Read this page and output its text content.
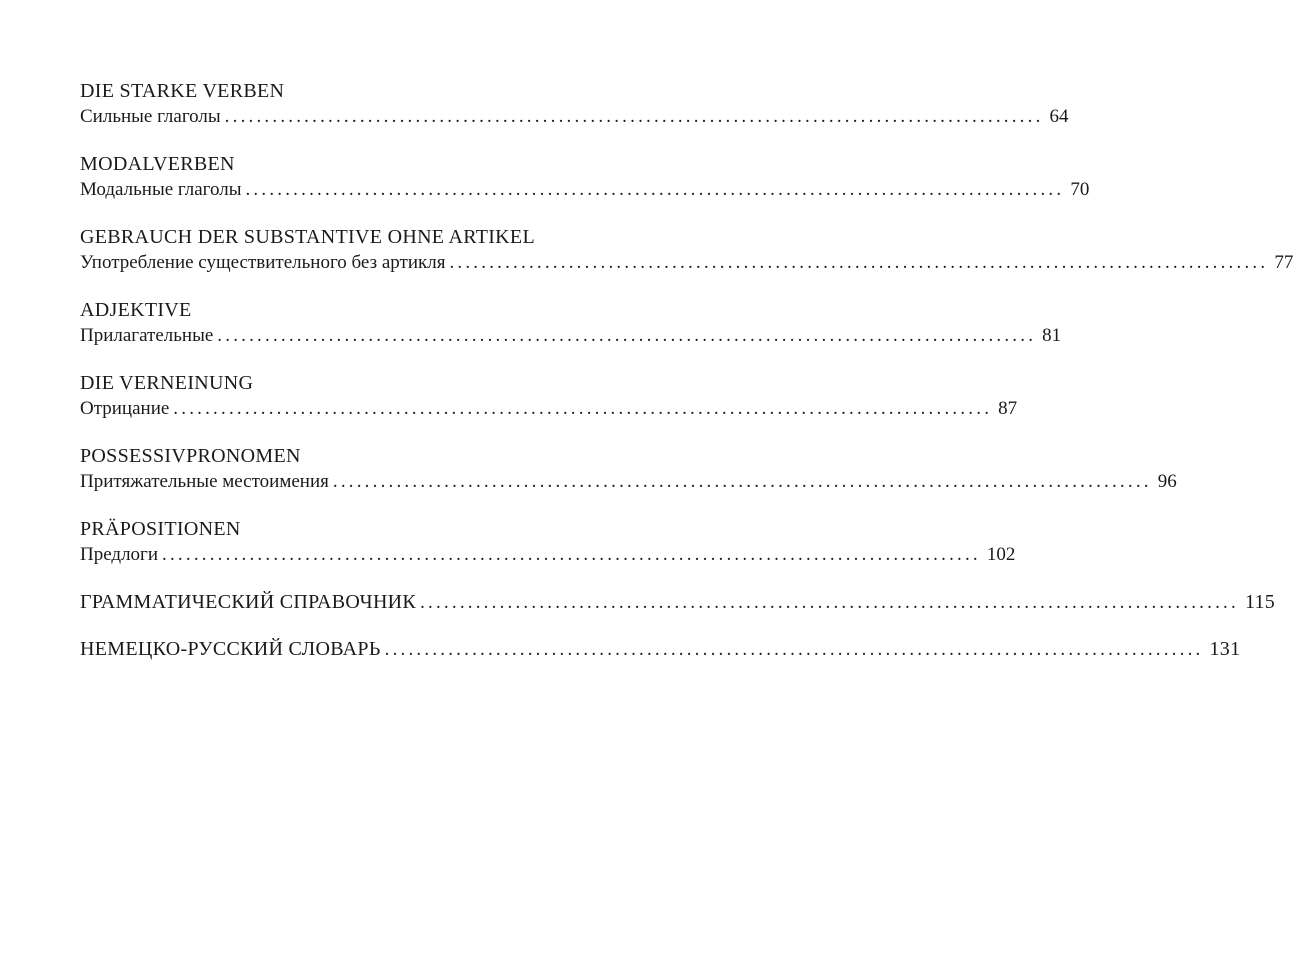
DIE STARKE VERBEN
Сильные глаголы ....................................................................................................... 64
MODALVERBEN
Модальные глаголы ....................................................................................................... 70
GEBRAUCH DER SUBSTANTIVE OHNE ARTIKEL
Употребление существительного без артикля ....................................................................................................... 77
ADJEKTIVE
Прилагательные ....................................................................................................... 81
DIE VERNEINUNG
Отрицание ....................................................................................................... 87
POSSESSIVPRONOMEN
Притяжательные местоимения ....................................................................................................... 96
PRÄPOSITIONEN
Предлоги ....................................................................................................... 102
ГРАММАТИЧЕСКИЙ СПРАВОЧНИК ....................................................................................................... 115
НЕМЕЦКО-РУССКИЙ СЛОВАРЬ ....................................................................................................... 131
